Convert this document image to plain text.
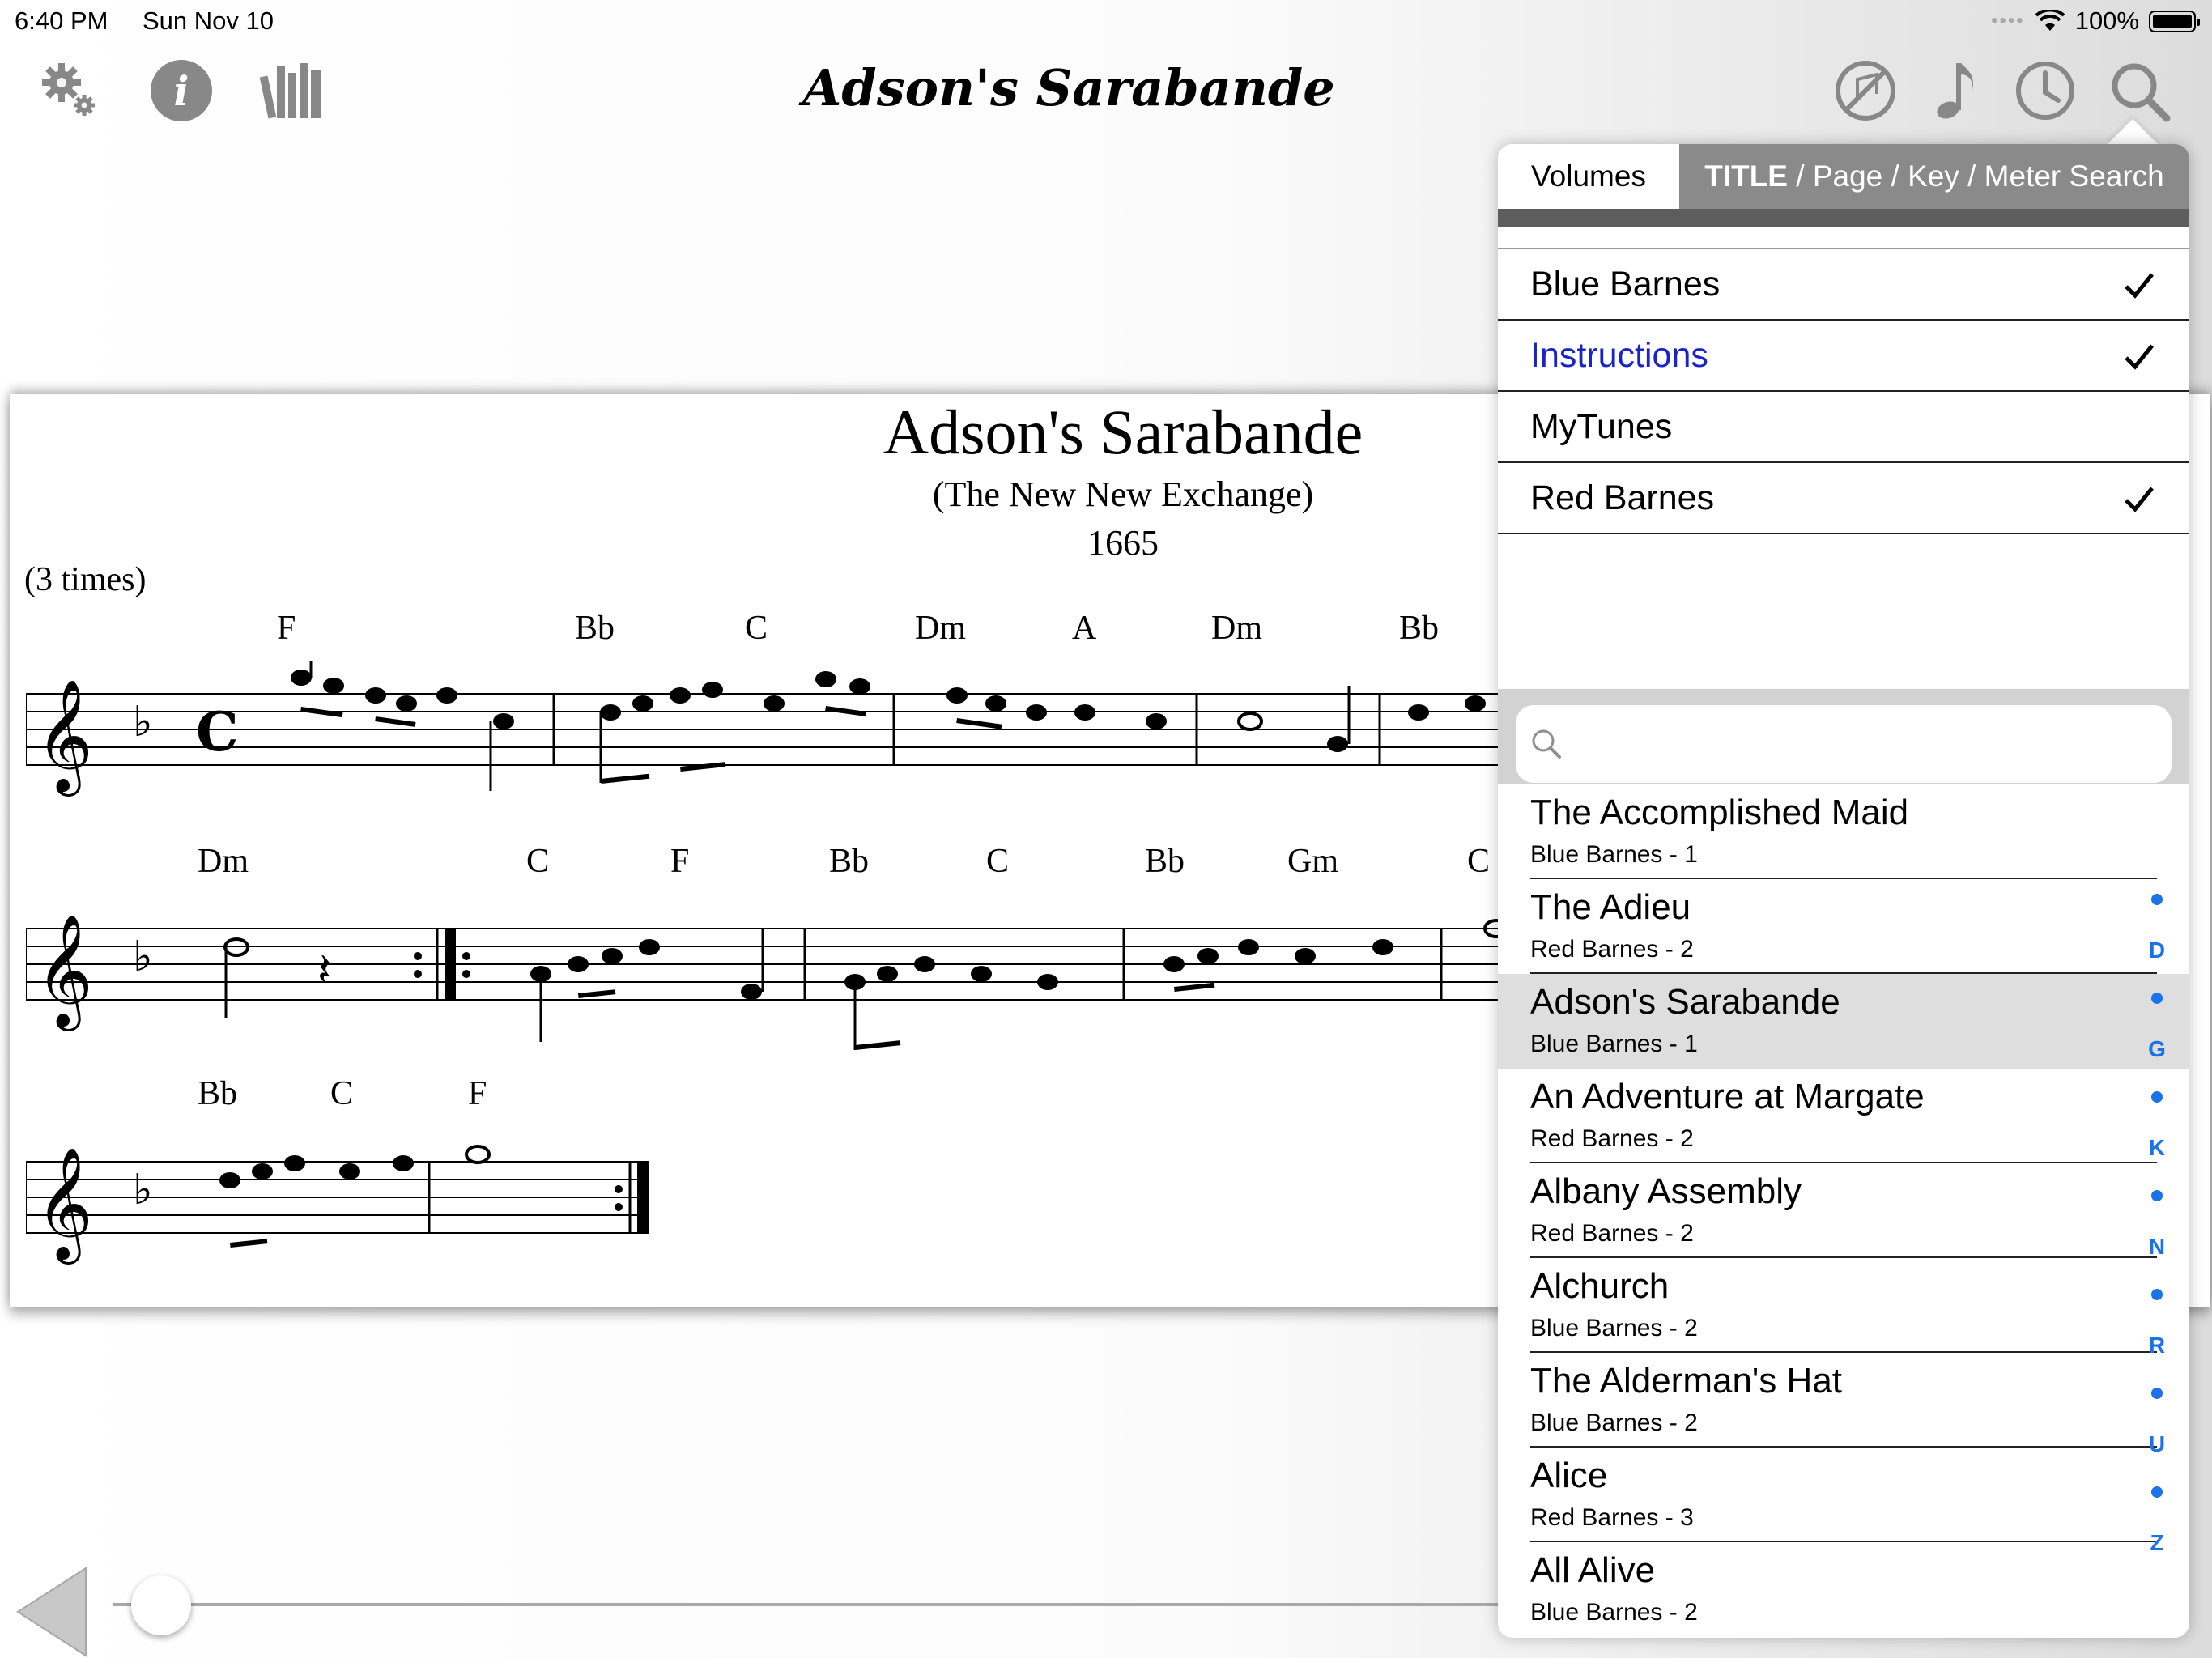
6:40 PM Sun Nov 10	•••• 100%
i	Adson's Sarabande
Adson's Sarabande
(The New New Exchange)
1665
(3 times)
F	Bb	C	Dm	A	Dm	Bb
𝄞 ♭ C
Dm	C	F	Bb	C	Bb	Gm	C
𝄞 ♭	𝄽
Bb	C	F
𝄞 ♭
Volumes	TITLE / Page / Key / Meter Search
Blue Barnes
Instructions
MyTunes
Red Barnes
The Accomplished Maid
Blue Barnes - 1
The Adieu
Red Barnes - 2
Adson's Sarabande
Blue Barnes - 1
An Adventure at Margate
Red Barnes - 2
Albany Assembly
Red Barnes - 2
Alchurch
Blue Barnes - 2
The Alderman's Hat
Blue Barnes - 2
Alice
Red Barnes - 3
All Alive
Blue Barnes - 2
D
G
K
N
R
U
Z
